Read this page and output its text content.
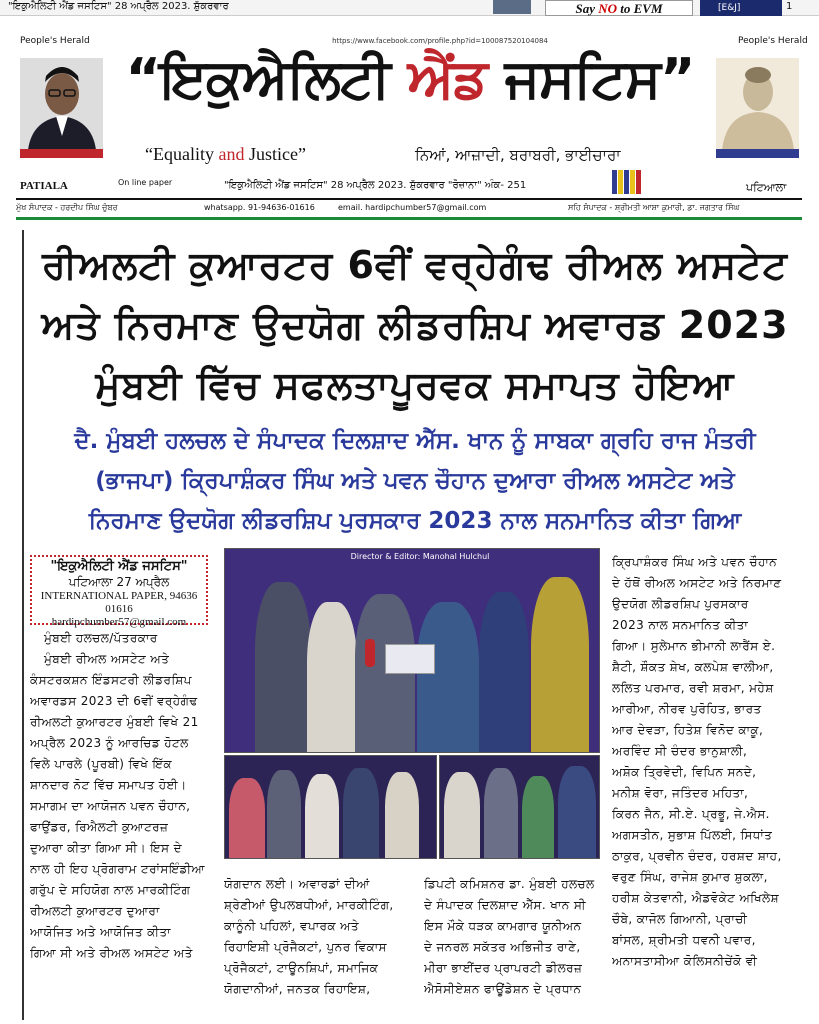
"ਇਕੁਐਲਿਟੀ ਐਂਡ ਜਸਟਿਸ" 28 ਅਪ੍ਰੈਲ 2023. ਸ਼ੁੱਕਰਵਾਰ	Say NO to EVM	[E&J]	1
People's Herald	People's Herald
https://www.facebook.com/profile.php?id=100087520104084
“ਇਕੁਐਲਿਟੀ ਐਂਡ ਜਸਟਿਸ”
“Equality and Justice”	ਨਿਆਂ, ਆਜ਼ਾਦੀ, ਬਰਾਬਰੀ, ਭਾਈਚਾਰਾ
PATIALA	On line paper	"ਇਕੁਐਲਿਟੀ ਐਂਡ ਜਸਟਿਸ" 28 ਅਪ੍ਰੈਲ 2023. ਸ਼ੁੱਕਰਵਾਰ "ਰੋਜ਼ਾਨਾ" ਅੰਕ- 251	ਪਟਿਆਲਾ
ਮੁੱਖ ਸੰਪਾਦਕ - ਹਰਦੀਪ ਸਿੰਘ ਚੁੰਬਰ	whatsapp. 91-94636-01616	email. hardipchumber57@gmail.com	ਸਹਿ ਸੰਪਾਦਕ - ਸ਼੍ਰੀਮਤੀ ਆਸ਼ਾ ਕੁਮਾਰੀ, ਡਾ. ਜਗਤਾਰ ਸਿੰਘ
ਰੀਅਲਟੀ ਕੁਆਰਟਰ 6ਵੀਂ ਵਰ੍ਹੇਗੰਢ ਰੀਅਲ ਅਸਟੇਟ
ਅਤੇ ਨਿਰਮਾਣ ਉਦਯੋਗ ਲੀਡਰਸ਼ਿਪ ਅਵਾਰਡ 2023
ਮੁੰਬਈ ਵਿੱਚ ਸਫਲਤਾਪੂਰਵਕ ਸਮਾਪਤ ਹੋਇਆ
ਦੈ. ਮੁੰਬਈ ਹਲਚਲ ਦੇ ਸੰਪਾਦਕ ਦਿਲਸ਼ਾਦ ਐੱਸ. ਖਾਨ ਨੂੰ ਸਾਬਕਾ ਗ੍ਰਹਿ ਰਾਜ ਮੰਤਰੀ
(ਭਾਜਪਾ) ਕ੍ਰਿਪਾਸ਼ੰਕਰ ਸਿੰਘ ਅਤੇ ਪਵਨ ਚੌਹਾਨ ਦੁਆਰਾ ਰੀਅਲ ਅਸਟੇਟ ਅਤੇ
ਨਿਰਮਾਣ ਉਦਯੋਗ ਲੀਡਰਸ਼ਿਪ ਪੁਰਸਕਾਰ 2023 ਨਾਲ ਸਨਮਾਨਿਤ ਕੀਤਾ ਗਿਆ
"ਇਕੁਐਲਿਟੀ ਐਂਡ ਜਸਟਿਸ"
ਪਟਿਆਲਾ 27 ਅਪ੍ਰੈਲ
INTERNATIONAL PAPER, 94636 01616
hardipchumber57@gmail.com

ਮੁੰਬਈ ਹਲਚਲ/ਪੱਤਰਕਾਰ

ਮੁੰਬਈ ਰੀਅਲ ਅਸਟੇਟ ਅਤੇ

ਕੰਸਟਰਕਸ਼ਨ ਇੰਡਸਟਰੀ ਲੀਡਰਸ਼ਿਪ

ਅਵਾਰਡਸ 2023 ਦੀ 6ਵੀਂ ਵਰ੍ਹੇਗੰਢ

ਰੀਅਲਟੀ ਕੁਆਰਟਰ ਮੁੰਬਈ ਵਿਖੇ 21

ਅਪ੍ਰੈਲ 2023 ਨੂੰ ਆਰਚਿਡ ਹੋਟਲ

ਵਿਲੇ ਪਾਰਲੇ (ਪੂਰਬੀ) ਵਿਖੇ ਇੱਕ

ਸ਼ਾਨਦਾਰ ਨੋਟ ਵਿੱਚ ਸਮਾਪਤ ਹੋਈ।

ਸਮਾਗਮ ਦਾ ਆਯੋਜਨ ਪਵਨ ਚੌਹਾਨ,

ਫਾਉਂਡਰ, ਰਿਐਲਟੀ ਕੁਆਟਰਜ਼

ਦੁਆਰਾ ਕੀਤਾ ਗਿਆ ਸੀ। ਇਸ ਦੇ

ਨਾਲ ਹੀ ਇਹ ਪ੍ਰੋਗਰਾਮ ਟਰਾਂਸਇੰਡੀਆ

ਗਰੁੱਪ ਦੇ ਸਹਿਯੋਗ ਨਾਲ ਮਾਰਕੀਟਿੰਗ

ਰੀਅਲਟੀ ਕੁਆਰਟਰ ਦੁਆਰਾ

ਆਯੋਜਿਤ ਅਤੇ ਆਯੋਜਿਤ ਕੀਤਾ

ਗਿਆ ਸੀ ਅਤੇ ਰੀਅਲ ਅਸਟੇਟ ਅਤੇ

Director & Editor: Manohal Hulchul

ਯੋਗਦਾਨ ਲਈ। ਅਵਾਰਡਾਂ ਦੀਆਂ

ਸ਼੍ਰੇਣੀਆਂ ਉਪਲਬਧੀਆਂ, ਮਾਰਕੀਟਿੰਗ,

ਕਾਨੂੰਨੀ ਪਹਿਲਾਂ, ਵਪਾਰਕ ਅਤੇ

ਰਿਹਾਇਸ਼ੀ ਪ੍ਰੋਜੈਕਟਾਂ, ਪੁਨਰ ਵਿਕਾਸ

ਪ੍ਰੋਜੈਕਟਾਂ, ਟਾਊਨਸ਼ਿਪਾਂ, ਸਮਾਜਿਕ

ਯੋਗਦਾਨੀਆਂ, ਜਨਤਕ ਰਿਹਾਇਸ਼,

ਡਿਪਟੀ ਕਮਿਸ਼ਨਰ ਡਾ. ਮੁੰਬਈ ਹਲਚਲ

ਦੇ ਸੰਪਾਦਕ ਦਿਲਸ਼ਾਦ ਐੱਸ. ਖਾਨ ਸੀ

ਇਸ ਮੌਕੇ ਧੜਕ ਕਾਮਗਾਰ ਯੂਨੀਅਨ

ਦੇ ਜਨਰਲ ਸਕੱਤਰ ਅਭਿਜੀਤ ਰਾਣੇ,

ਮੀਰਾ ਭਾਈਂਦਰ ਪ੍ਰਾਪਰਟੀ ਡੀਲਰਜ਼

ਐਸੋਸੀਏਸ਼ਨ ਫਾਊਂਡੇਸ਼ਨ ਦੇ ਪ੍ਰਧਾਨ

ਕ੍ਰਿਪਾਸ਼ੰਕਰ ਸਿੰਘ ਅਤੇ ਪਵਨ ਚੌਹਾਨ

ਦੇ ਹੱਥੋਂ ਰੀਅਲ ਅਸਟੇਟ ਅਤੇ ਨਿਰਮਾਣ

ਉਦਯੋਗ ਲੀਡਰਸ਼ਿਪ ਪੁਰਸਕਾਰ

2023 ਨਾਲ ਸਨਮਾਨਿਤ ਕੀਤਾ

ਗਿਆ। ਸੁਲੇਮਾਨ ਭੀਮਾਨੀ ਲਾਰੈਂਸ ਏ.

ਸ਼ੈਟੀ, ਸ਼ੌਕਤ ਸ਼ੇਖ, ਕਲਪੇਸ਼ ਵਾਲੀਆ,

ਲਲਿਤ ਪਰਮਾਰ, ਰਵੀ ਸ਼ਰਮਾ, ਮਹੇਸ਼

ਆਰੀਆ, ਨੀਰਵ ਪੁਰੋਹਿਤ, ਭਾਰਤ

ਆਰ ਦੇਵੜਾ, ਹਿਤੇਸ਼ ਵਿਨੋਦ ਕਾਕੂ,

ਅਰਵਿੰਦ ਸੀ ਚੰਦਰ ਭਾਨੁਸ਼ਾਲੀ,

ਅਸ਼ੋਕ ਤ੍ਰਿਵੇਦੀ, ਵਿਪਿਨ ਸਨਦੇ,

ਮਨੀਸ਼ ਵੋਰਾ, ਜਤਿੰਦਰ ਮਹਿਤਾ,

ਕਿਰਨ ਜੈਨ, ਸੀ.ਏ. ਪ੍ਰਭੂ, ਜੇ.ਐਸ.

ਅਗਸਤੀਨ, ਸੁਭਾਸ਼ ਪਿੱਲਈ, ਸਿਧਾਂਤ

ਠਾਕੁਰ, ਪ੍ਰਵੀਨ ਚੰਦਰ, ਹਰਸ਼ਦ ਸ਼ਾਹ,

ਵਰੁਣ ਸਿੰਘ, ਰਾਜੇਸ਼ ਕੁਮਾਰ ਸ਼ੁਕਲਾ,

ਹਰੀਸ਼ ਕੇਤਵਾਨੀ, ਐਡਵੋਕੇਟ ਅਖਿਲੇਸ਼

ਚੌਬੇ, ਕਾਜੋਲ ਗਿਆਨੀ, ਪ੍ਰਾਚੀ

ਬਾਂਸਲ, ਸ਼੍ਰੀਮਤੀ ਧਵਨੀ ਪਵਾਰ,

ਅਨਾਸਤਾਸੀਆ ਕੋਲਿਸਨੀਚੇਂਕੋ ਵੀ
